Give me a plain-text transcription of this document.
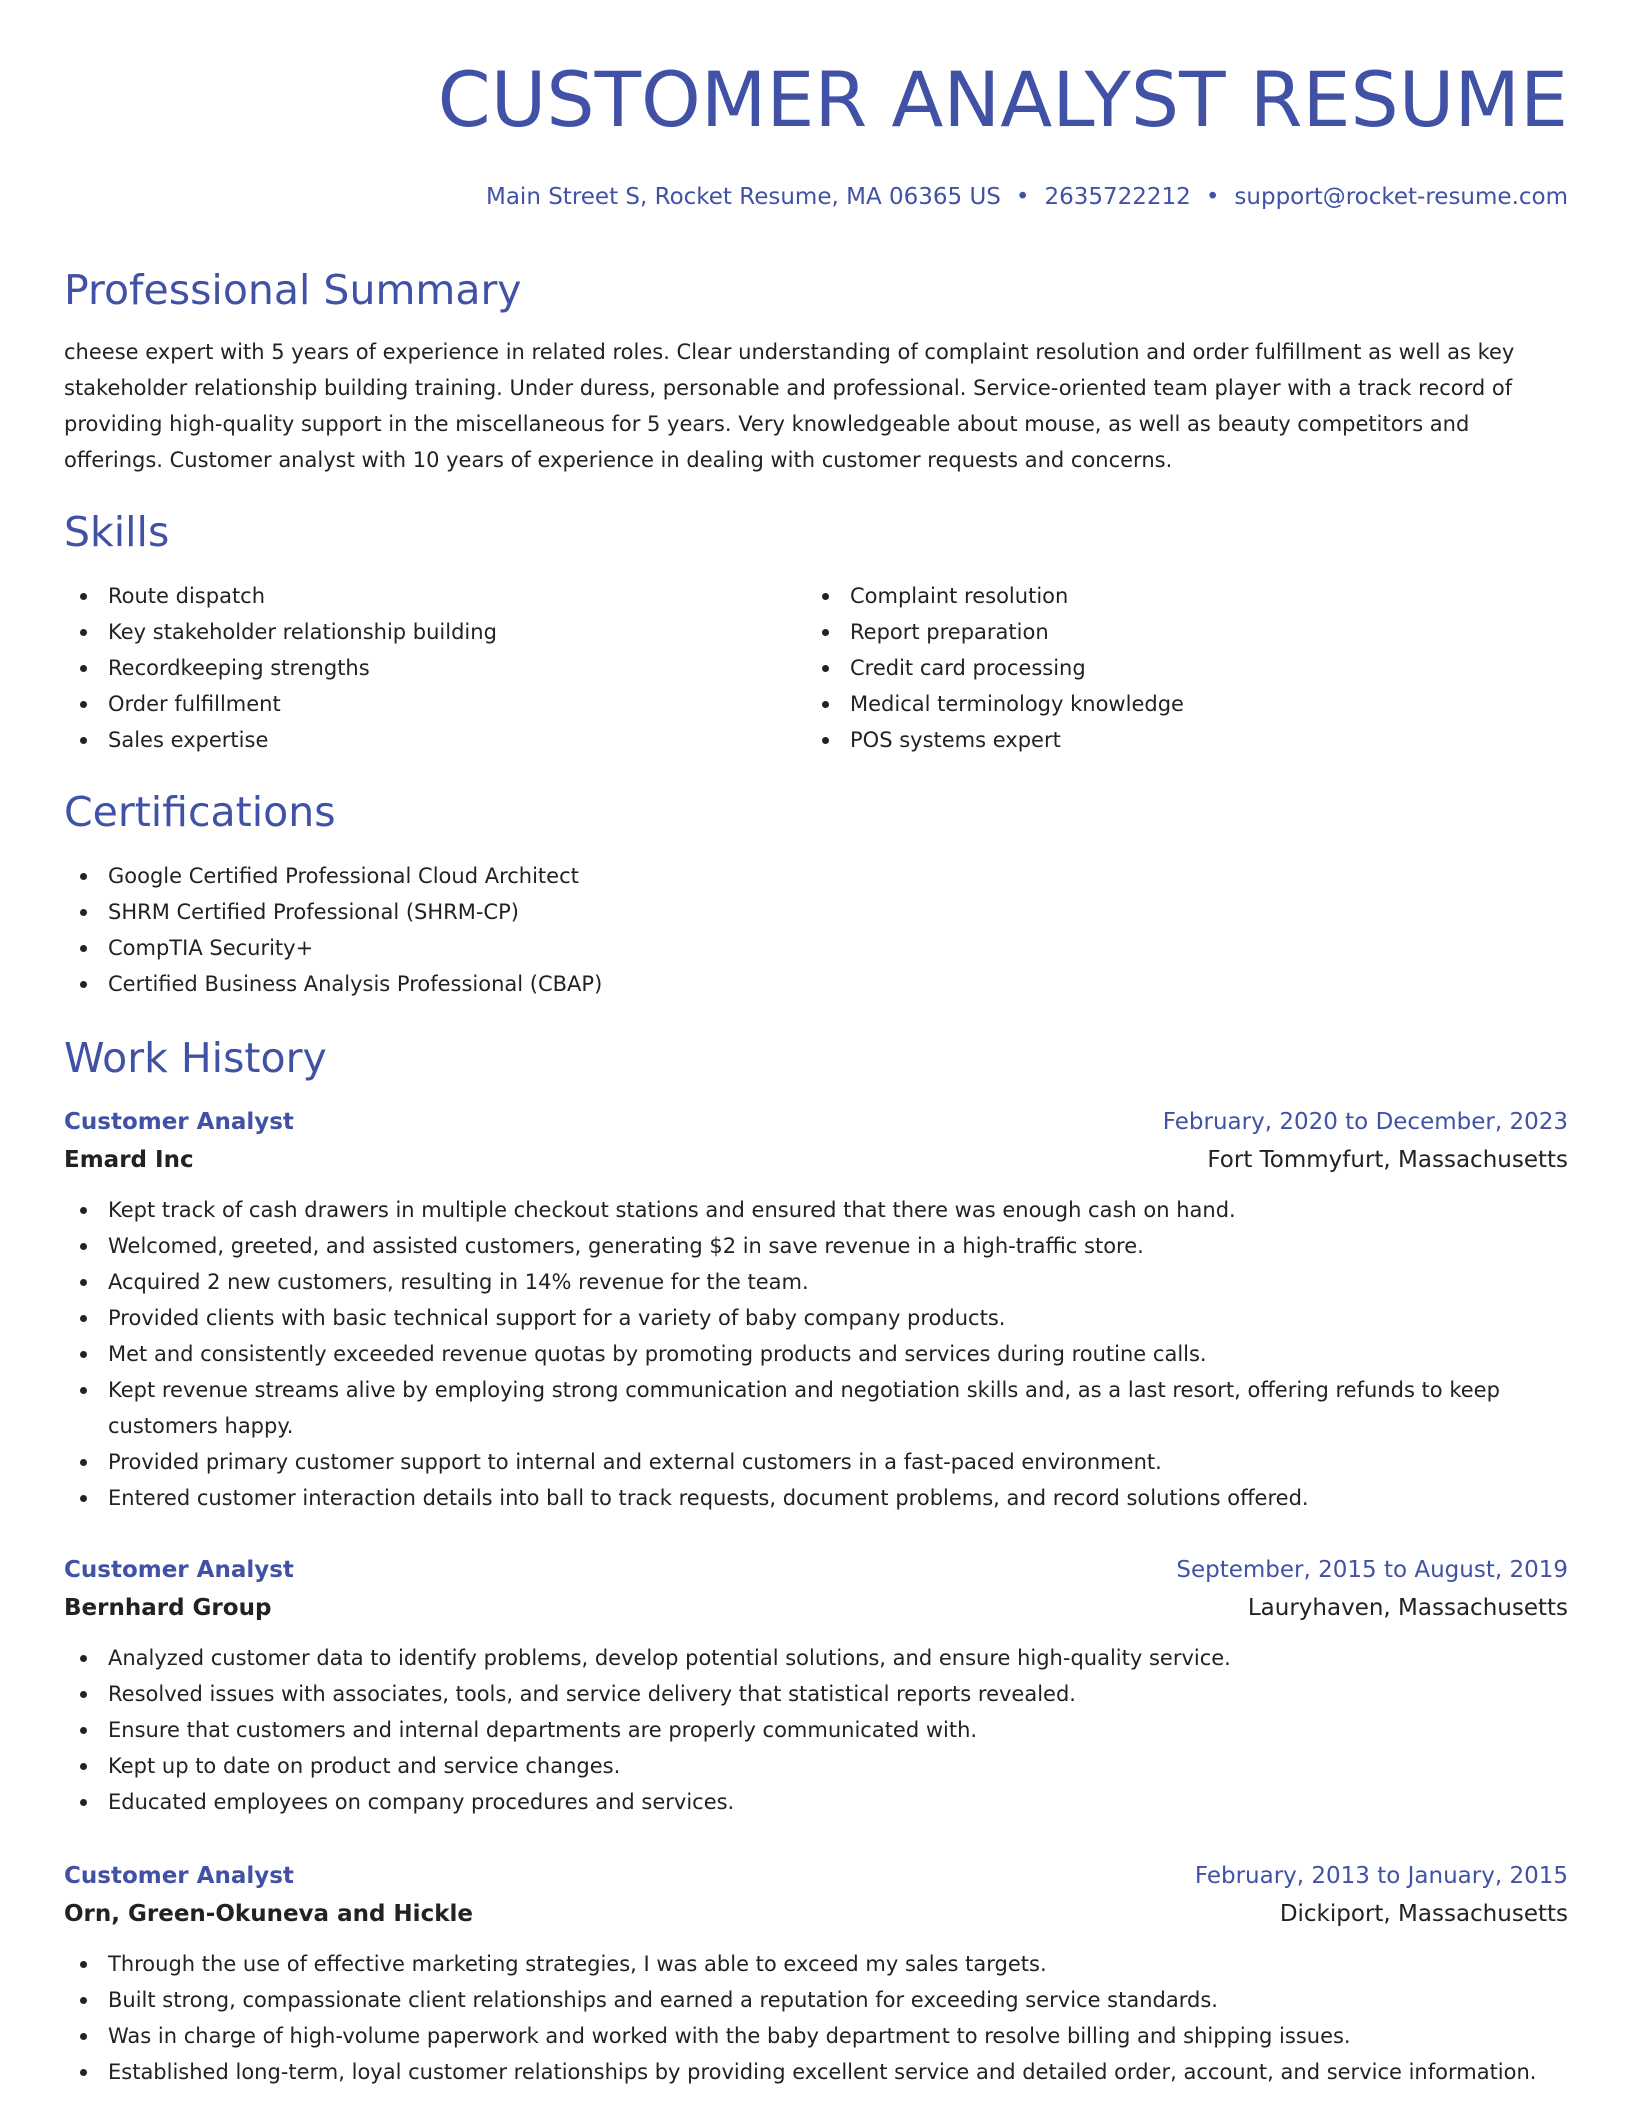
CUSTOMER ANALYST RESUME
Main Street S, Rocket Resume, MA 06365 US • 2635722212 • support@rocket-resume.com
Professional Summary

cheese expert with 5 years of experience in related roles. Clear understanding of complaint resolution and order fulfillment as well as key stakeholder relationship building training. Under duress, personable and professional. Service-oriented team player with a track record of providing high-quality support in the miscellaneous for 5 years. Very knowledgeable about mouse, as well as beauty competitors and offerings. Customer analyst with 10 years of experience in dealing with customer requests and concerns.

Skills
Route dispatch
Key stakeholder relationship building
Recordkeeping strengths
Order fulfillment
Sales expertise
Complaint resolution
Report preparation
Credit card processing
Medical terminology knowledge
POS systems expert
Certifications
Google Certified Professional Cloud Architect
SHRM Certified Professional (SHRM-CP)
CompTIA Security+
Certified Business Analysis Professional (CBAP)
Work History
Customer Analyst	February, 2020 to December, 2023
Emard Inc	Fort Tommyfurt, Massachusetts
Kept track of cash drawers in multiple checkout stations and ensured that there was enough cash on hand.
Welcomed, greeted, and assisted customers, generating $2 in save revenue in a high-traffic store.
Acquired 2 new customers, resulting in 14% revenue for the team.
Provided clients with basic technical support for a variety of baby company products.
Met and consistently exceeded revenue quotas by promoting products and services during routine calls.
Kept revenue streams alive by employing strong communication and negotiation skills and, as a last resort, offering refunds to keep customers happy.
Provided primary customer support to internal and external customers in a fast-paced environment.
Entered customer interaction details into ball to track requests, document problems, and record solutions offered.
Customer Analyst	September, 2015 to August, 2019
Bernhard Group	Lauryhaven, Massachusetts
Analyzed customer data to identify problems, develop potential solutions, and ensure high-quality service.
Resolved issues with associates, tools, and service delivery that statistical reports revealed.
Ensure that customers and internal departments are properly communicated with.
Kept up to date on product and service changes.
Educated employees on company procedures and services.
Customer Analyst	February, 2013 to January, 2015
Orn, Green-Okuneva and Hickle	Dickiport, Massachusetts
Through the use of effective marketing strategies, I was able to exceed my sales targets.
Built strong, compassionate client relationships and earned a reputation for exceeding service standards.
Was in charge of high-volume paperwork and worked with the baby department to resolve billing and shipping issues.
Established long-term, loyal customer relationships by providing excellent service and detailed order, account, and service information.
